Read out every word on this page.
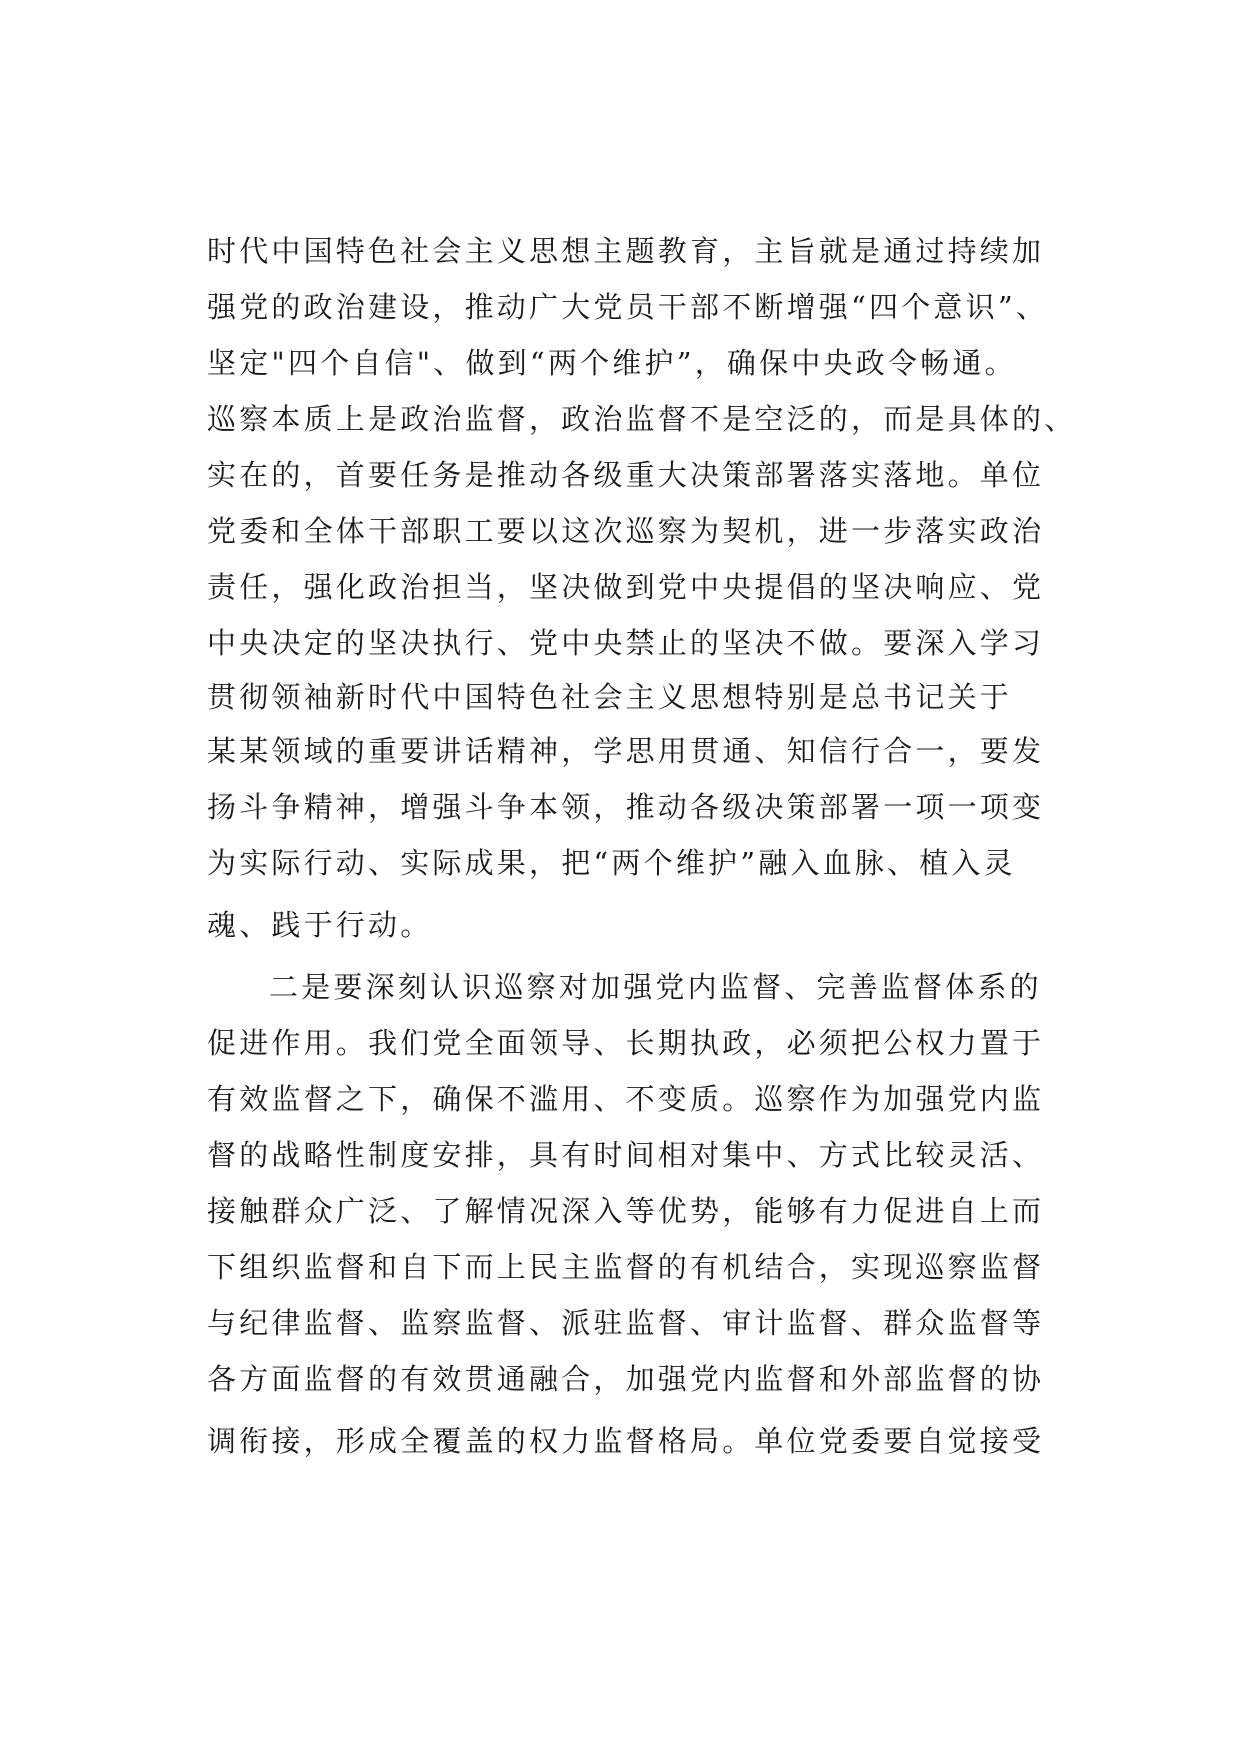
时代中国特色社会主义思想主题教育，主旨就是通过持续加
强党的政治建设，推动广大党员干部不断增强“四个意识”、
坚定"四个自信"、做到“两个维护”，确保中央政令畅通。
巡察本质上是政治监督，政治监督不是空泛的，而是具体的、
实在的，首要任务是推动各级重大决策部署落实落地。单位
党委和全体干部职工要以这次巡察为契机，进一步落实政治
责任，强化政治担当，坚决做到党中央提倡的坚决响应、党
中央决定的坚决执行、党中央禁止的坚决不做。要深入学习
贯彻领袖新时代中国特色社会主义思想特别是总书记关于
某某领域的重要讲话精神，学思用贯通、知信行合一，要发
扬斗争精神，增强斗争本领，推动各级决策部署一项一项变
为实际行动、实际成果，把“两个维护”融入血脉、植入灵
魂、践于行动。
二是要深刻认识巡察对加强党内监督、完善监督体系的
促进作用。我们党全面领导、长期执政，必须把公权力置于
有效监督之下，确保不滥用、不变质。巡察作为加强党内监
督的战略性制度安排，具有时间相对集中、方式比较灵活、
接触群众广泛、了解情况深入等优势，能够有力促进自上而
下组织监督和自下而上民主监督的有机结合，实现巡察监督
与纪律监督、监察监督、派驻监督、审计监督、群众监督等
各方面监督的有效贯通融合，加强党内监督和外部监督的协
调衔接，形成全覆盖的权力监督格局。单位党委要自觉接受
